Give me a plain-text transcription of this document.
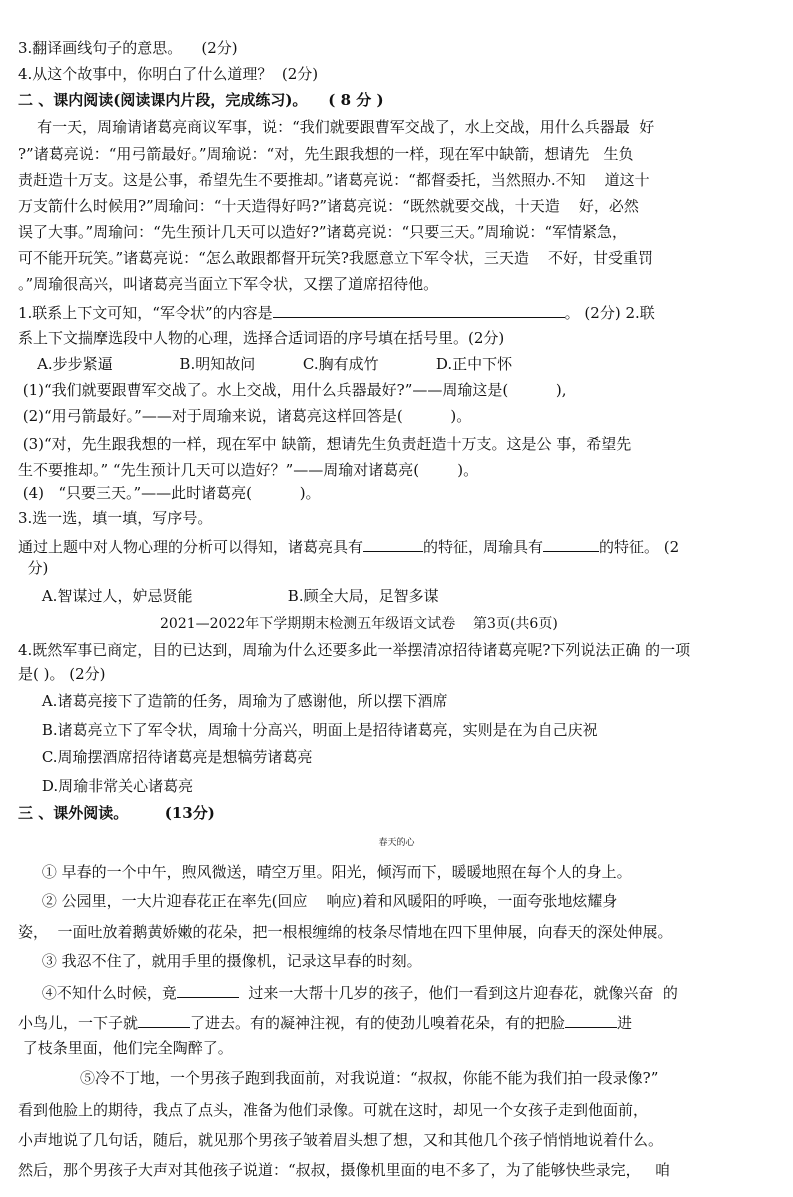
3.翻译画线句子的意思。    (2分)
4.从这个故事中，你明白了什么道理？  (2分)
二 、课内阅读(阅读课内片段，完成练习)。    ( 8 分 )
有一天，周瑜请诸葛亮商议军事，说：“我们就要跟曹军交战了，水上交战，用什么兵器最  好
?”诸葛亮说：“用弓箭最好。”周瑜说：“对，先生跟我想的一样，现在军中缺箭，想请先   生负
责赶造十万支。这是公事，希望先生不要推却。”诸葛亮说：“都督委托，当然照办.不知    道这十
万支箭什么时候用?”周瑜问：“十天造得好吗?”诸葛亮说：“既然就要交战，十天造    好，必然
误了大事。”周瑜问：“先生预计几天可以造好?”诸葛亮说：“只要三天。”周瑜说：“军情紧急，
可不能开玩笑。”诸葛亮说：“怎么敢跟都督开玩笑?我愿意立下军令状，三天造    不好，甘受重罚
。”周瑜很高兴，叫诸葛亮当面立下军令状，又摆了道席招待他。
1.联系上下文可知，“军令状”的内容是	。 (2分) 2.联
系上下文揣摩选段中人物的心理，选择合适词语的序号填在括号里。(2分)
A.步步紧逼              B.明知故问          C.胸有成竹            D.正中下怀
(1)“我们就要跟曹军交战了。水上交战，用什么兵器最好?”——周瑜这是(          ),
(2)“用弓箭最好。”——对于周瑜来说，诸葛亮这样回答是(          )。
(3)“对，先生跟我想的一样，现在军中 缺箭，想请先生负责赶造十万支。这是公 事，希望先
生不要推却。” “先生预计几天可以造好？”——周瑜对诸葛亮(        )。
(4)   “只要三天。”——此时诸葛亮(          )。
3.选一选，填一填，写序号。
通过上题中对人物心理的分析可以得知，诸葛亮具有	的特征，周瑜具有	的特征。 (2
分)
A.智谋过人，妒忌贤能                    B.顾全大局，足智多谋
2021—2022年下学期期末检测五年级语文试卷    第3页(共6页)
4.既然军事已商定，目的已达到，周瑜为什么还要多此一举摆清凉招待诸葛亮呢?下列说法正确 的一项
是( )。 (2分)
A.诸葛亮接下了造箭的任务，周瑜为了感谢他，所以摆下酒席
B.诸葛亮立下了军令状，周瑜十分高兴，明面上是招待诸葛亮，实则是在为自己庆祝
C.周瑜摆酒席招待诸葛亮是想犒劳诸葛亮
D.周瑜非常关心诸葛亮
三 、课外阅读。       (13分)
春天的心
① 早春的一个中午，煦风微送，晴空万里。阳光，倾泻而下，暖暖地照在每个人的身上。
② 公园里，一大片迎春花正在率先(回应    响应)着和风暖阳的呼唤，一面夸张地炫耀身
姿，  一面吐放着鹅黄娇嫩的花朵，把一根根缠绵的枝条尽情地在四下里伸展，向春天的深处伸展。
③ 我忍不住了，就用手里的摄像机，记录这早春的时刻。
④不知什么时候，竟	过来一大帮十几岁的孩子，他们一看到这片迎春花，就像兴奋  的
小鸟儿，一下子就	了进去。有的凝神注视，有的使劲儿嗅着花朵，有的把脸	进
了枝条里面，他们完全陶醉了。
⑤冷不丁地，一个男孩子跑到我面前，对我说道：“叔叔，你能不能为我们拍一段录像?”
看到他脸上的期待，我点了点头，准备为他们录像。可就在这时，却见一个女孩子走到他面前，
小声地说了几句话，随后，就见那个男孩子皱着眉头想了想，又和其他几个孩子悄悄地说着什么。
然后，那个男孩子大声对其他孩子说道：“叔叔，摄像机里面的电不多了，为了能够快些录完，   咱
